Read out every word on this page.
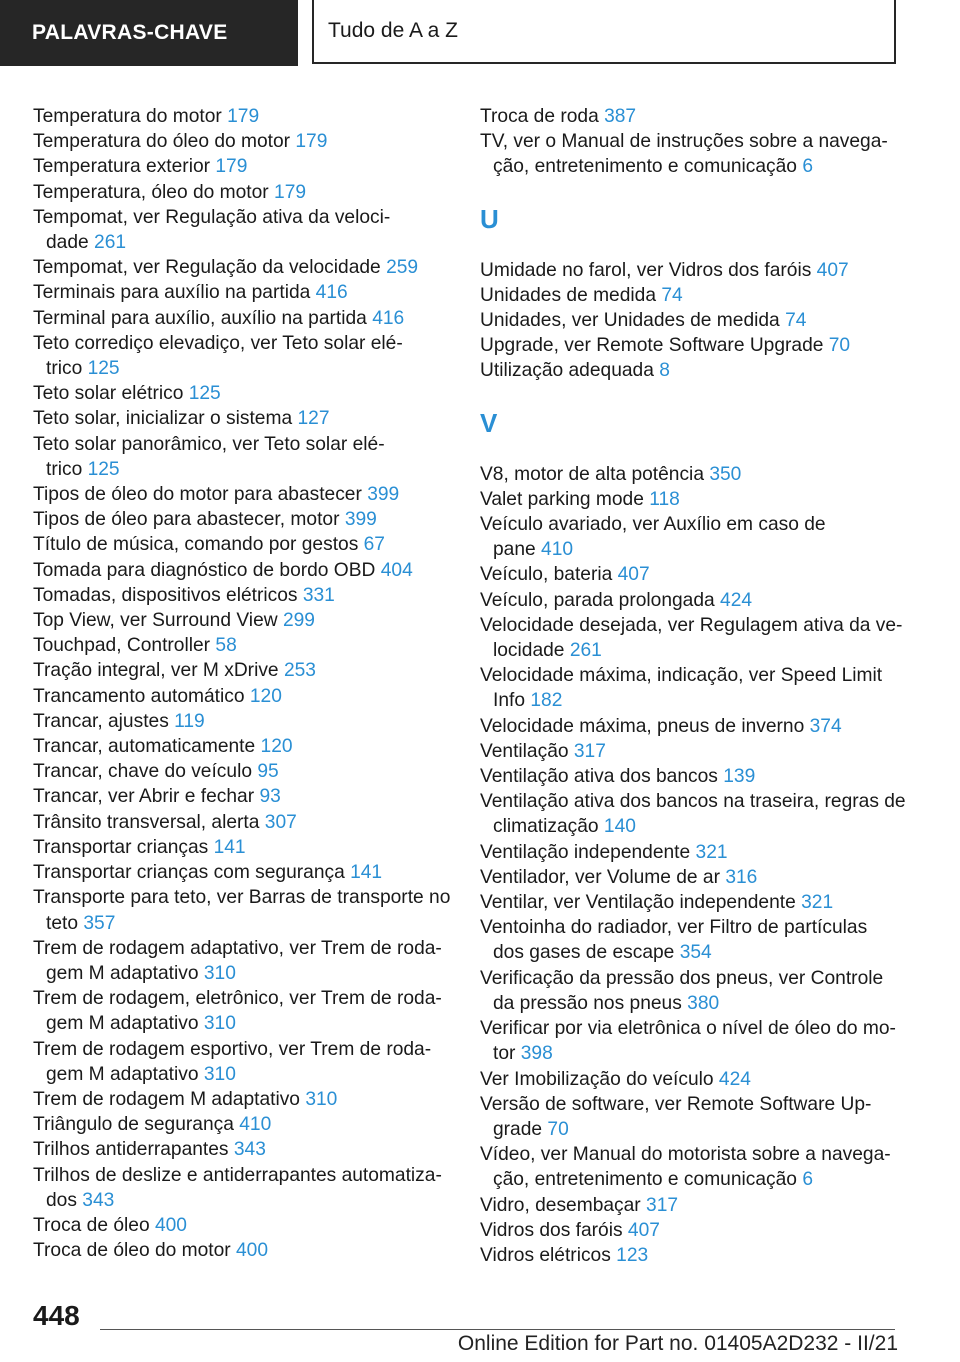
PALAVRAS-CHAVE	Tudo de A a Z
Temperatura do motor 179
Temperatura do óleo do motor 179
Temperatura exterior 179
Temperatura, óleo do motor 179
Tempomat, ver Regulação ativa da veloci-
dade 261
Tempomat, ver Regulação da velocidade 259
Terminais para auxílio na partida 416
Terminal para auxílio, auxílio na partida 416
Teto corrediço elevadiço, ver Teto solar elé-
trico 125
Teto solar elétrico 125
Teto solar, inicializar o sistema 127
Teto solar panorâmico, ver Teto solar elé-
trico 125
Tipos de óleo do motor para abastecer 399
Tipos de óleo para abastecer, motor 399
Título de música, comando por gestos 67
Tomada para diagnóstico de bordo OBD 404
Tomadas, dispositivos elétricos 331
Top View, ver Surround View 299
Touchpad, Controller 58
Tração integral, ver M xDrive 253
Trancamento automático 120
Trancar, ajustes 119
Trancar, automaticamente 120
Trancar, chave do veículo 95
Trancar, ver Abrir e fechar 93
Trânsito transversal, alerta 307
Transportar crianças 141
Transportar crianças com segurança 141
Transporte para teto, ver Barras de transporte no
teto 357
Trem de rodagem adaptativo, ver Trem de roda-
gem M adaptativo 310
Trem de rodagem, eletrônico, ver Trem de roda-
gem M adaptativo 310
Trem de rodagem esportivo, ver Trem de roda-
gem M adaptativo 310
Trem de rodagem M adaptativo 310
Triângulo de segurança 410
Trilhos antiderrapantes 343
Trilhos de deslize e antiderrapantes automatiza-
dos 343
Troca de óleo 400
Troca de óleo do motor 400
Troca de roda 387
TV, ver o Manual de instruções sobre a navega-
ção, entretenimento e comunicação 6
U
Umidade no farol, ver Vidros dos faróis 407
Unidades de medida 74
Unidades, ver Unidades de medida 74
Upgrade, ver Remote Software Upgrade 70
Utilização adequada 8
V
V8, motor de alta potência 350
Valet parking mode 118
Veículo avariado, ver Auxílio em caso de
pane 410
Veículo, bateria 407
Veículo, parada prolongada 424
Velocidade desejada, ver Regulagem ativa da ve-
locidade 261
Velocidade máxima, indicação, ver Speed Limit
Info 182
Velocidade máxima, pneus de inverno 374
Ventilação 317
Ventilação ativa dos bancos 139
Ventilação ativa dos bancos na traseira, regras de
climatização 140
Ventilação independente 321
Ventilador, ver Volume de ar 316
Ventilar, ver Ventilação independente 321
Ventoinha do radiador, ver Filtro de partículas
dos gases de escape 354
Verificação da pressão dos pneus, ver Controle
da pressão nos pneus 380
Verificar por via eletrônica o nível de óleo do mo-
tor 398
Ver Imobilização do veículo 424
Versão de software, ver Remote Software Up-
grade 70
Vídeo, ver Manual do motorista sobre a navega-
ção, entretenimento e comunicação 6
Vidro, desembaçar 317
Vidros dos faróis 407
Vidros elétricos 123
448
Online Edition for Part no. 01405A2D232 - II/21
